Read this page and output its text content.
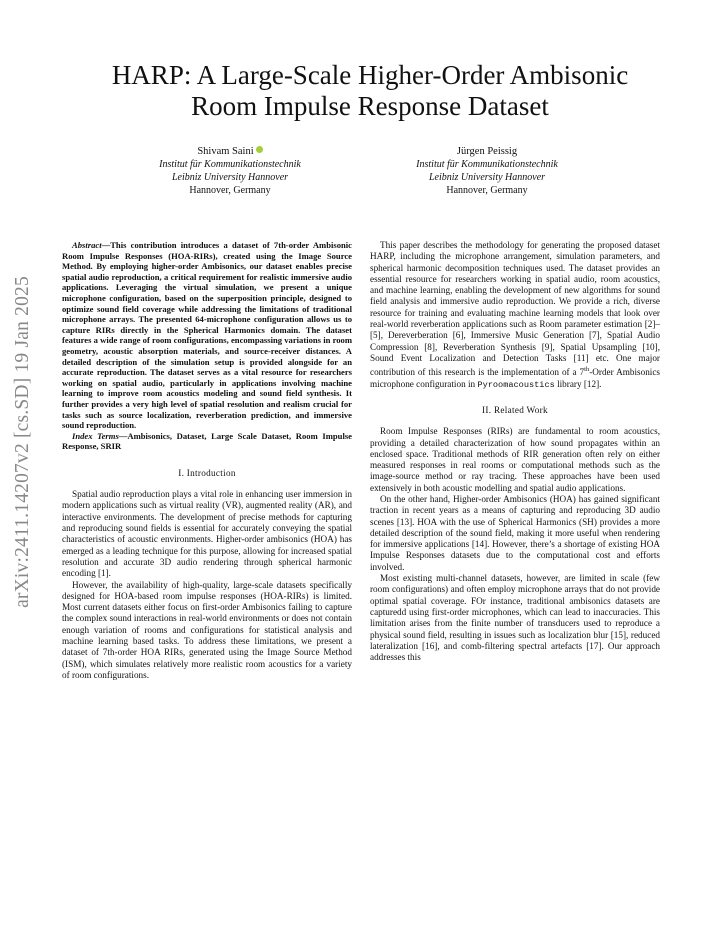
arXiv:2411.14207v2 [cs.SD] 19 Jan 2025
HARP: A Large-Scale Higher-Order Ambisonic
Room Impulse Response Dataset
Shivam Saini
Institut für Kommunikationstechnik
Leibniz University Hannover
Hannover, Germany
Jürgen Peissig
Institut für Kommunikationstechnik
Leibniz University Hannover
Hannover, Germany

Abstract—This contribution introduces a dataset of 7th-order Ambisonic Room Impulse Responses (HOA-RIRs), created using the Image Source Method. By employing higher-order Ambisonics, our dataset enables precise spatial audio reproduction, a critical requirement for realistic immersive audio applications. Leveraging the virtual simulation, we present a unique microphone configuration, based on the superposition principle, designed to optimize sound field coverage while addressing the limitations of traditional microphone arrays. The presented 64-microphone configuration allows us to capture RIRs directly in the Spherical Harmonics domain. The dataset features a wide range of room configurations, encompassing variations in room geometry, acoustic absorption materials, and source-receiver distances. A detailed description of the simulation setup is provided alongside for an accurate reproduction. The dataset serves as a vital resource for researchers working on spatial audio, particularly in applications involving machine learning to improve room acoustics modeling and sound field synthesis. It further provides a very high level of spatial resolution and realism crucial for tasks such as source localization, reverberation prediction, and immersive sound reproduction.

Index Terms—Ambisonics, Dataset, Large Scale Dataset, Room Impulse Response, SRIR

I. Introduction

Spatial audio reproduction plays a vital role in enhancing user immersion in modern applications such as virtual reality (VR), augmented reality (AR), and interactive environments. The development of precise methods for capturing and reproducing sound fields is essential for accurately conveying the spatial characteristics of acoustic environments. Higher-order ambisonics (HOA) has emerged as a leading technique for this purpose, allowing for increased spatial resolution and accurate 3D audio rendering through spherical harmonic encoding [1].

However, the availability of high-quality, large-scale datasets specifically designed for HOA-based room impulse responses (HOA-RIRs) is limited. Most current datasets either focus on first-order Ambisonics failing to capture the complex sound interactions in real-world environments or does not contain enough variation of rooms and configurations for statistical analysis and machine learning based tasks. To address these limitations, we present a dataset of 7th-order HOA RIRs, generated using the Image Source Method (ISM), which simulates relatively more realistic room acoustics for a variety of room configurations.

This paper describes the methodology for generating the proposed dataset HARP, including the microphone arrangement, simulation parameters, and spherical harmonic decomposition techniques used. The dataset provides an essential resource for researchers working in spatial audio, room acoustics, and machine learning, enabling the development of new algorithms for sound field analysis and immersive audio reproduction. We provide a rich, diverse resource for training and evaluating machine learning models that look over real-world reverberation applications such as Room parameter estimation [2]–[5], Dereverberation [6], Immersive Music Generation [7], Spatial Audio Compression [8], Reverberation Synthesis [9], Spatial Upsampling [10], Sound Event Localization and Detection Tasks [11] etc. One major contribution of this research is the implementation of a 7th-Order Ambisonics microphone configuration in Pyroomacoustics library [12].

II. Related Work

Room Impulse Responses (RIRs) are fundamental to room acoustics, providing a detailed characterization of how sound propagates within an enclosed space. Traditional methods of RIR generation often rely on either measured responses in real rooms or computational methods such as the image-source method or ray tracing. These approaches have been used extensively in both acoustic modelling and spatial audio applications.

On the other hand, Higher-order Ambisonics (HOA) has gained significant traction in recent years as a means of capturing and reproducing 3D audio scenes [13]. HOA with the use of Spherical Harmonics (SH) provides a more detailed description of the sound field, making it more useful when rendering for immersive applications [14]. However, there’s a shortage of existing HOA Impulse Responses datasets due to the computational cost and efforts involved.

Most existing multi-channel datasets, however, are limited in scale (few room configurations) and often employ microphone arrays that do not provide optimal spatial coverage. FOr instance, traditional ambisonics datasets are capturedd using first-order microphones, which can lead to inaccuracies. This limitation arises from the finite number of transducers used to reproduce a physical sound field, resulting in issues such as localization blur [15], reduced lateralization [16], and comb-filtering spectral artefacts [17]. Our approach addresses this
